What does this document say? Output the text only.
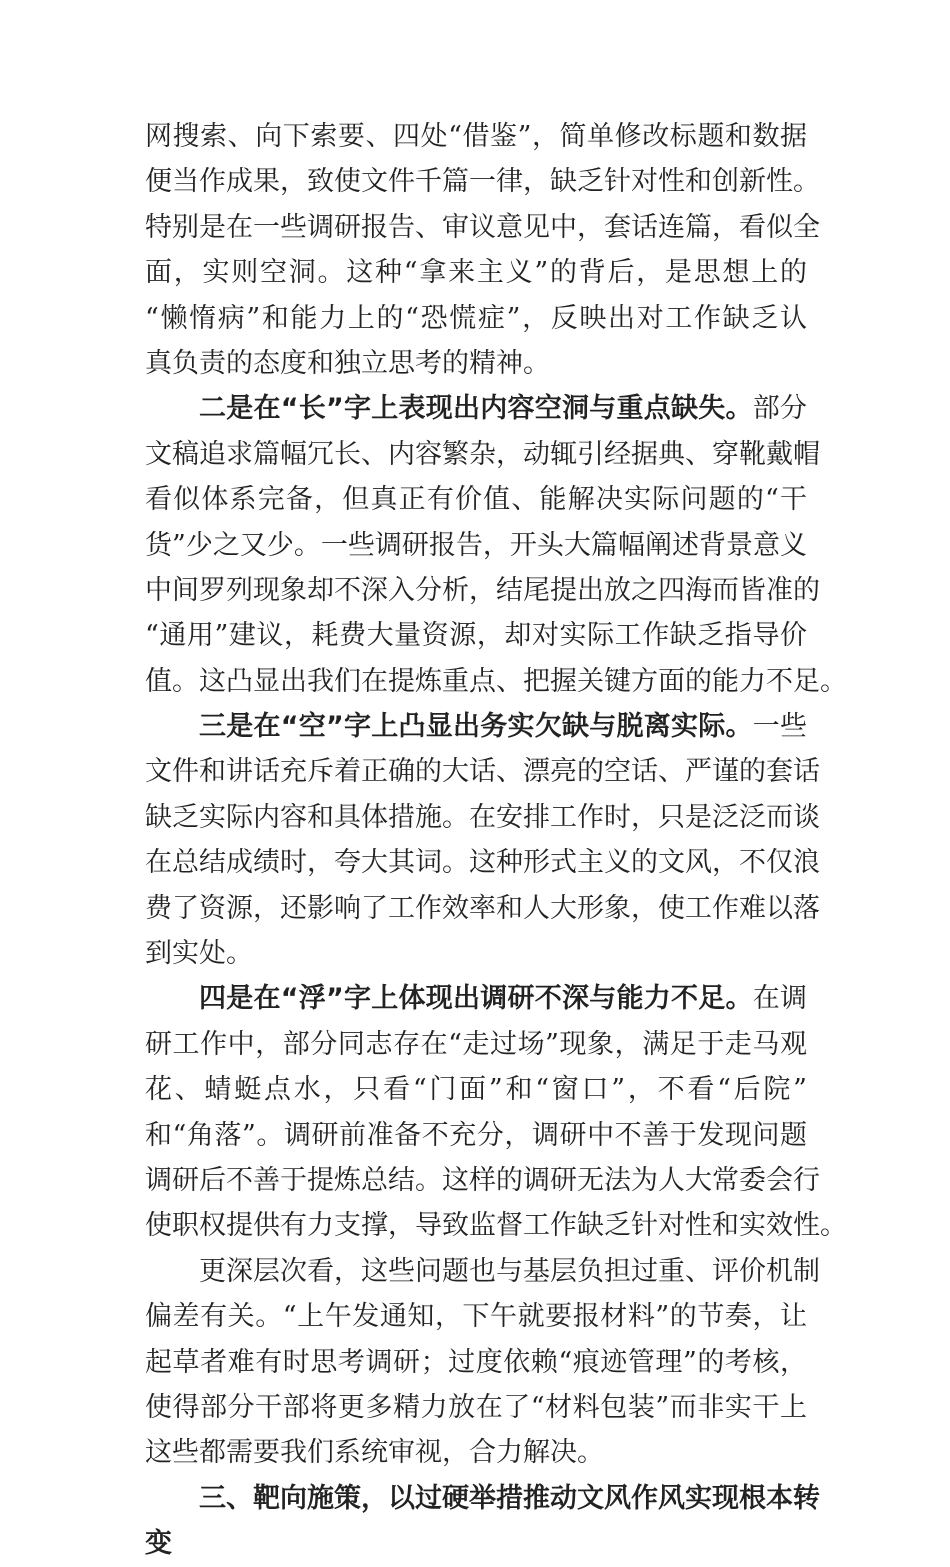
网搜索、向下索要、四处“借鉴”，简单修改标题和数据
便当作成果，致使文件千篇一律，缺乏针对性和创新性。
特别是在一些调研报告、审议意见中，套话连篇，看似全
面，实则空洞。这种“拿来主义”的背后，是思想上的
“懒惰病”和能力上的“恐慌症”，反映出对工作缺乏认
真负责的态度和独立思考的精神。
二是在“长”字上表现出内容空洞与重点缺失。部分
文稿追求篇幅冗长、内容繁杂，动辄引经据典、穿靴戴帽
看似体系完备，但真正有价值、能解决实际问题的“干
货”少之又少。一些调研报告，开头大篇幅阐述背景意义
中间罗列现象却不深入分析，结尾提出放之四海而皆准的
“通用”建议，耗费大量资源，却对实际工作缺乏指导价
值。这凸显出我们在提炼重点、把握关键方面的能力不足。
三是在“空”字上凸显出务实欠缺与脱离实际。一些
文件和讲话充斥着正确的大话、漂亮的空话、严谨的套话
缺乏实际内容和具体措施。在安排工作时，只是泛泛而谈
在总结成绩时，夸大其词。这种形式主义的文风，不仅浪
费了资源，还影响了工作效率和人大形象，使工作难以落
到实处。
四是在“浮”字上体现出调研不深与能力不足。在调
研工作中，部分同志存在“走过场”现象，满足于走马观
花、蜻蜓点水，只看“门面”和“窗口”，不看“后院”
和“角落”。调研前准备不充分，调研中不善于发现问题
调研后不善于提炼总结。这样的调研无法为人大常委会行
使职权提供有力支撑，导致监督工作缺乏针对性和实效性。
更深层次看，这些问题也与基层负担过重、评价机制
偏差有关。“上午发通知，下午就要报材料”的节奏，让
起草者难有时思考调研；过度依赖“痕迹管理”的考核，
使得部分干部将更多精力放在了“材料包装”而非实干上
这些都需要我们系统审视，合力解决。
三、靶向施策，以过硬举措推动文风作风实现根本转
变
